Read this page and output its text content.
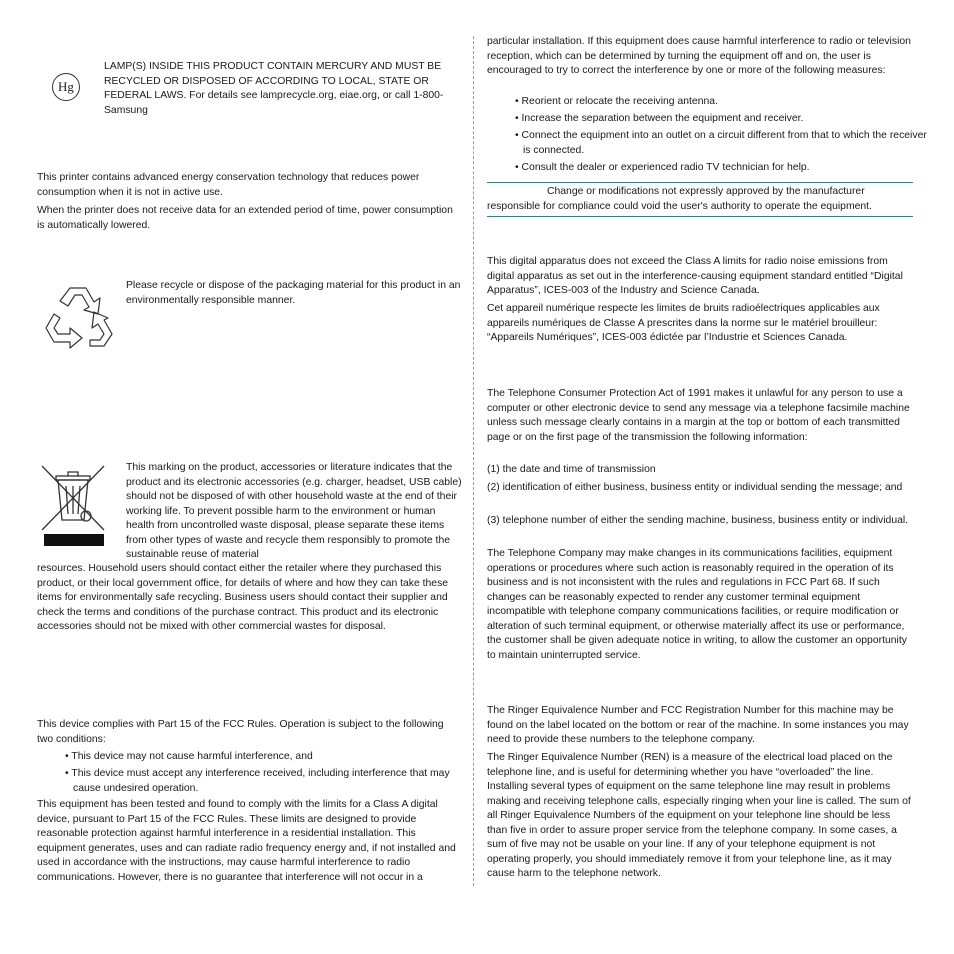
Hg

LAMP(S) INSIDE THIS PRODUCT CONTAIN MERCURY AND MUST BE RECYCLED OR DISPOSED OF ACCORDING TO LOCAL, STATE OR FEDERAL LAWS. For details see lamprecycle.org, eiae.org, or call 1-800-Samsung

This printer contains advanced energy conservation technology that reduces power consumption when it is not in active use.

When the printer does not receive data for an extended period of time, power consumption is automatically lowered.

Please recycle or dispose of the packaging material for this product in an environmentally responsible manner.

This marking on the product, accessories or literature indicates that the product and its electronic accessories (e.g. charger, headset, USB cable) should not be disposed of with other household waste at the end of their working life. To prevent possible harm to the environment or human health from uncontrolled waste disposal, please separate these items from other types of waste and recycle them responsibly to promote the sustainable reuse of material

resources. Household users should contact either the retailer where they purchased this product, or their local government office, for details of where and how they can take these items for environmentally safe recycling. Business users should contact their supplier and check the terms and conditions of the purchase contract. This product and its electronic accessories should not be mixed with other commercial wastes for disposal.

This device complies with Part 15 of the FCC Rules. Operation is subject to the following two conditions:

• This device may not cause harmful interference, and

• This device must accept any interference received, including interference that may cause undesired operation.

This equipment has been tested and found to comply with the limits for a Class A digital device, pursuant to Part 15 of the FCC Rules. These limits are designed to provide reasonable protection against harmful interference in a residential installation. This equipment generates, uses and can radiate radio frequency energy and, if not installed and used in accordance with the instructions, may cause harmful interference to radio communications. However, there is no guarantee that interference will not occur in a

particular installation. If this equipment does cause harmful interference to radio or television reception, which can be determined by turning the equipment off and on, the user is encouraged to try to correct the interference by one or more of the following measures:

• Reorient or relocate the receiving antenna.

• Increase the separation between the equipment and receiver.

• Connect the equipment into an outlet on a circuit different from that to which the receiver is connected.

• Consult the dealer or experienced radio TV technician for help.

Change or modifications not expressly approved by the manufacturer responsible for compliance could void the user's authority to operate the equipment.

This digital apparatus does not exceed the Class A limits for radio noise emissions from digital apparatus as set out in the interference-causing equipment standard entitled “Digital Apparatus”, ICES-003 of the Industry and Science Canada.

Cet appareil numérique respecte les limites de bruits radioélectriques applicables aux appareils numériques de Classe A prescrites dans la norme sur le matériel brouilleur: “Appareils Numériques”, ICES-003 édictée par l’Industrie et Sciences Canada.

The Telephone Consumer Protection Act of 1991 makes it unlawful for any person to use a computer or other electronic device to send any message via a telephone facsimile machine unless such message clearly contains in a margin at the top or bottom of each transmitted page or on the first page of the transmission the following information:

(1) the date and time of transmission

(2) identification of either business, business entity or individual sending the message; and

(3) telephone number of either the sending machine, business, business entity or individual.

The Telephone Company may make changes in its communications facilities, equipment operations or procedures where such action is reasonably required in the operation of its business and is not inconsistent with the rules and regulations in FCC Part 68. If such changes can be reasonably expected to render any customer terminal equipment incompatible with telephone company communications facilities, or require modification or alteration of such terminal equipment, or otherwise materially affect its use or performance, the customer shall be given adequate notice in writing, to allow the customer an opportunity to maintain uninterrupted service.

The Ringer Equivalence Number and FCC Registration Number for this machine may be found on the label located on the bottom or rear of the machine. In some instances you may need to provide these numbers to the telephone company.

The Ringer Equivalence Number (REN) is a measure of the electrical load placed on the telephone line, and is useful for determining whether you have “overloaded” the line. Installing several types of equipment on the same telephone line may result in problems making and receiving telephone calls, especially ringing when your line is called. The sum of all Ringer Equivalence Numbers of the equipment on your telephone line should be less than five in order to assure proper service from the telephone company. In some cases, a sum of five may not be usable on your line. If any of your telephone equipment is not operating properly, you should immediately remove it from your telephone line, as it may cause harm to the telephone network.
